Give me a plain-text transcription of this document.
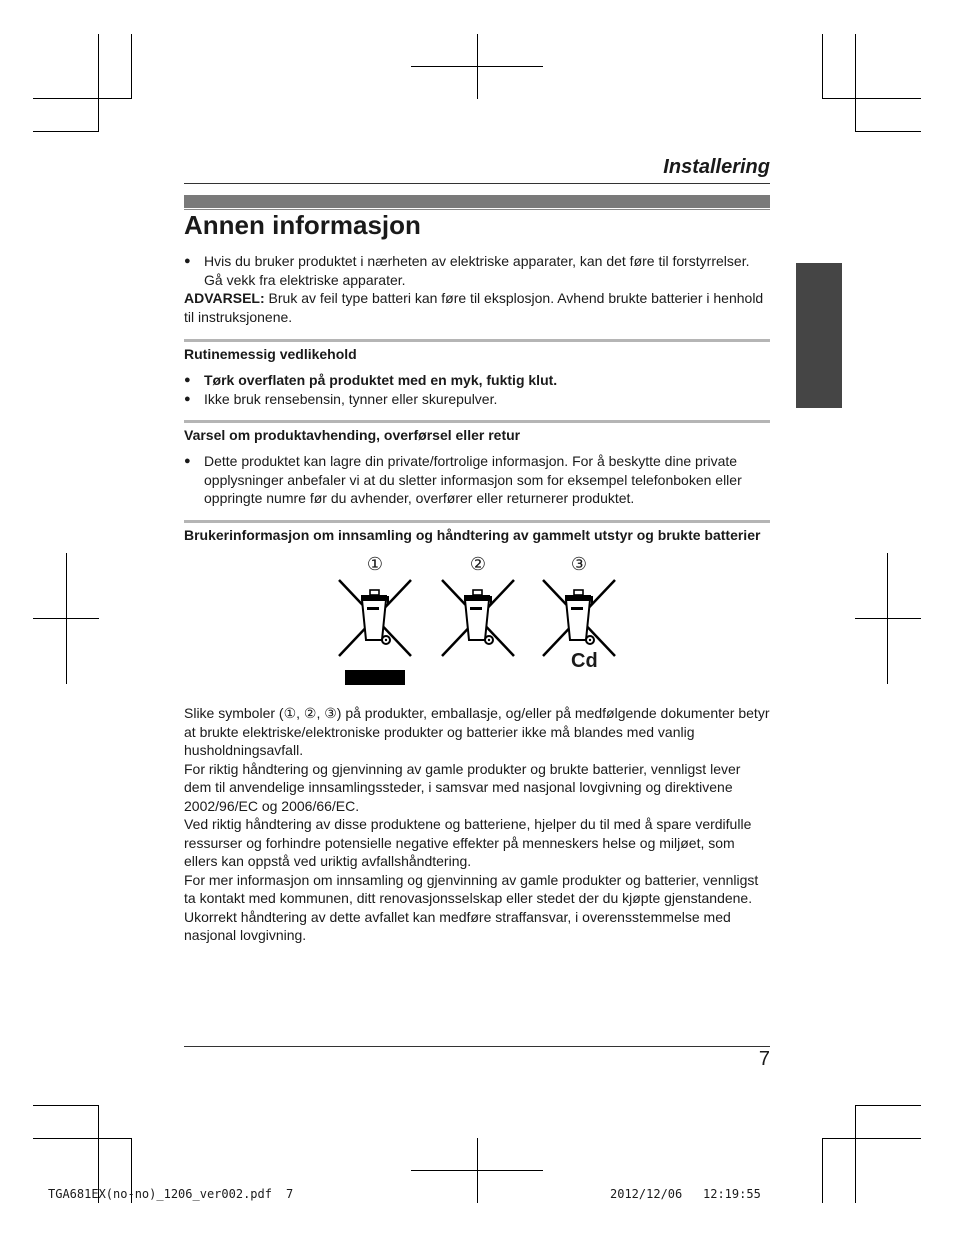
Installering
Annen informasjon
● Hvis du bruker produktet i nærheten av elektriske apparater, kan det føre til forstyrrelser. Gå vekk fra elektriske apparater.
ADVARSEL: Bruk av feil type batteri kan føre til eksplosjon. Avhend brukte batterier i henhold til instruksjonene.
Rutinemessig vedlikehold
● Tørk overflaten på produktet med en myk, fuktig klut.
● Ikke bruk rensebensin, tynner eller skurepulver.
Varsel om produktavhending, overførsel eller retur
● Dette produktet kan lagre din private/fortrolige informasjon. For å beskytte dine private opplysninger anbefaler vi at du sletter informasjon som for eksempel telefonboken eller oppringte numre før du avhender, overfører eller returnerer produktet.
Brukerinformasjon om innsamling og håndtering av gammelt utstyr og brukte batterier
①	②	③
Cd
Slike symboler (①, ②, ③) på produkter, emballasje, og/eller på medfølgende dokumenter betyr at brukte elektriske/elektroniske produkter og batterier ikke må blandes med vanlig husholdningsavfall.
For riktig håndtering og gjenvinning av gamle produkter og brukte batterier, vennligst lever dem til anvendelige innsamlingssteder, i samsvar med nasjonal lovgivning og direktivene 2002/96/EC og 2006/66/EC.
Ved riktig håndtering av disse produktene og batteriene, hjelper du til med å spare verdifulle ressurser og forhindre potensielle negative effekter på menneskers helse og miljøet, som ellers kan oppstå ved uriktig avfallshåndtering.
For mer informasjon om innsamling og gjenvinning av gamle produkter og batterier, vennligst ta kontakt med kommunen, ditt renovasjonsselskap eller stedet der du kjøpte gjenstandene.
Ukorrekt håndtering av dette avfallet kan medføre straffansvar, i overensstemmelse med nasjonal lovgivning.
7
TGA681EX(no-no)_1206_ver002.pdf 7	2012/12/06 12:19:55
